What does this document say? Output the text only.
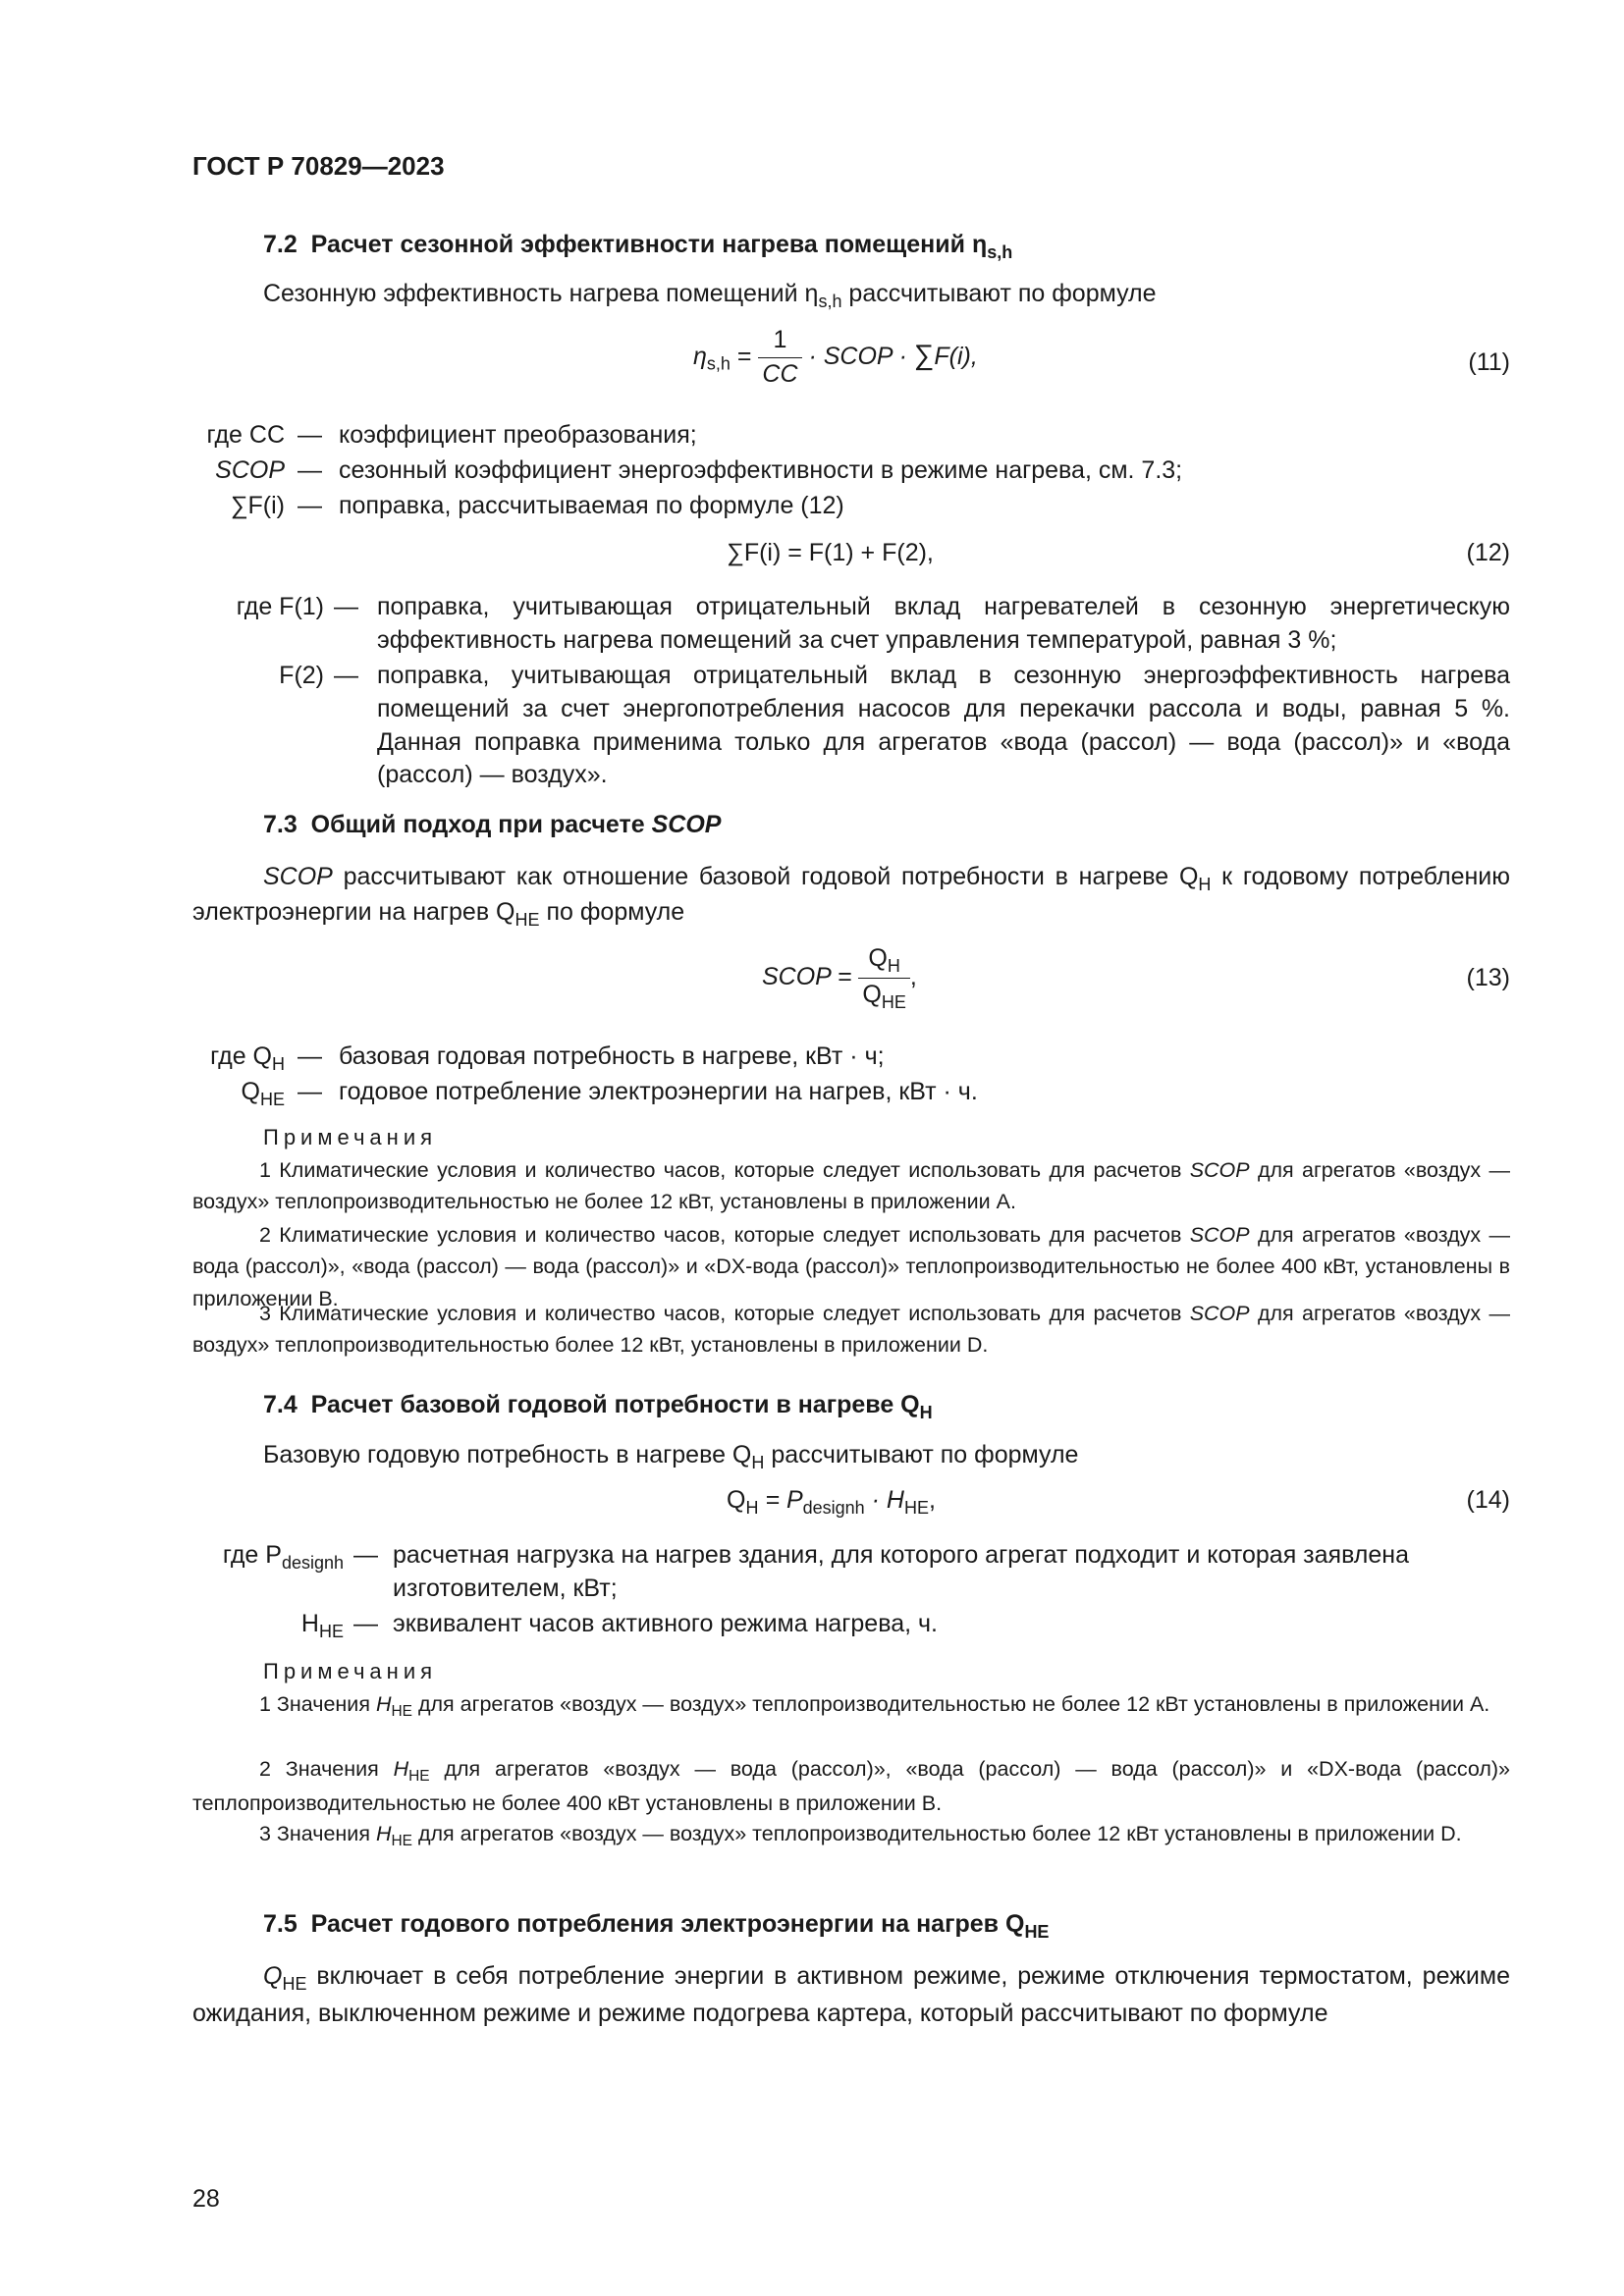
ГОСТ Р 70829—2023
7.2 Расчет сезонной эффективности нагрева помещений $\eta_{s,h}$
Сезонную эффективность нагрева помещений $\eta_{s,h}$ рассчитывают по формуле
$\eta_{s,h} = \frac{1}{CC}$ · SCOP · ∑F(i),	(11)
где CC — коэффициент преобразования;
SCOP — сезонный коэффициент энергоэффективности в режиме нагрева, см. 7.3;
∑F(i) — поправка, рассчитываемая по формуле (12)
∑F(i) = F(1) + F(2),	(12)
где F(1) — поправка, учитывающая отрицательный вклад нагревателей в сезонную энергетическую эффективность нагрева помещений за счет управления температурой, равная 3 %;
F(2) — поправка, учитывающая отрицательный вклад в сезонную энергоэффективность нагрева помещений за счет энергопотребления насосов для перекачки рассола и воды, равная 5 %. Данная поправка применима только для агрегатов «вода (рассол) — вода (рассол)» и «вода (рассол) — воздух».
7.3 Общий подход при расчете SCOP
SCOP рассчитывают как отношение базовой годовой потребности в нагреве $Q_H$ к годовому потреблению электроэнергии на нагрев $Q_{HE}$ по формуле
SCOP = $\frac{Q_H}{Q_{HE}}$ ,	(13)
где $Q_H$ — базовая годовая потребность в нагреве, кВт · ч;
$Q_{HE}$ — годовое потребление электроэнергии на нагрев, кВт · ч.
Примечания
1 Климатические условия и количество часов, которые следует использовать для расчетов SCOP для агрегатов «воздух — воздух» теплопроизводительностью не более 12 кВт, установлены в приложении А.
2 Климатические условия и количество часов, которые следует использовать для расчетов SCOP для агрегатов «воздух — вода (рассол)», «вода (рассол) — вода (рассол)» и «DX-вода (рассол)» теплопроизводительностью не более 400 кВт, установлены в приложении B.
3 Климатические условия и количество часов, которые следует использовать для расчетов SCOP для агрегатов «воздух — воздух» теплопроизводительностью более 12 кВт, установлены в приложении D.
7.4 Расчет базовой годовой потребности в нагреве $Q_H$
Базовую годовую потребность в нагреве $Q_H$ рассчитывают по формуле
$Q_H = P_{designh} \cdot H_{HE}$,	(14)
где $P_{designh}$ — расчетная нагрузка на нагрев здания, для которого агрегат подходит и которая заявлена изготовителем, кВт;
$H_{HE}$ — эквивалент часов активного режима нагрева, ч.
Примечания
1 Значения $H_{HE}$ для агрегатов «воздух — воздух» теплопроизводительностью не более 12 кВт установлены в приложении А.
2 Значения $H_{HE}$ для агрегатов «воздух — вода (рассол)», «вода (рассол) — вода (рассол)» и «DX-вода (рассол)» теплопроизводительностью не более 400 кВт установлены в приложении B.
3 Значения $H_{HE}$ для агрегатов «воздух — воздух» теплопроизводительностью более 12 кВт установлены в приложении D.
7.5 Расчет годового потребления электроэнергии на нагрев $Q_{HE}$
$Q_{HE}$ включает в себя потребление энергии в активном режиме, режиме отключения термостатом, режиме ожидания, выключенном режиме и режиме подогрева картера, который рассчитывают по формуле
28
